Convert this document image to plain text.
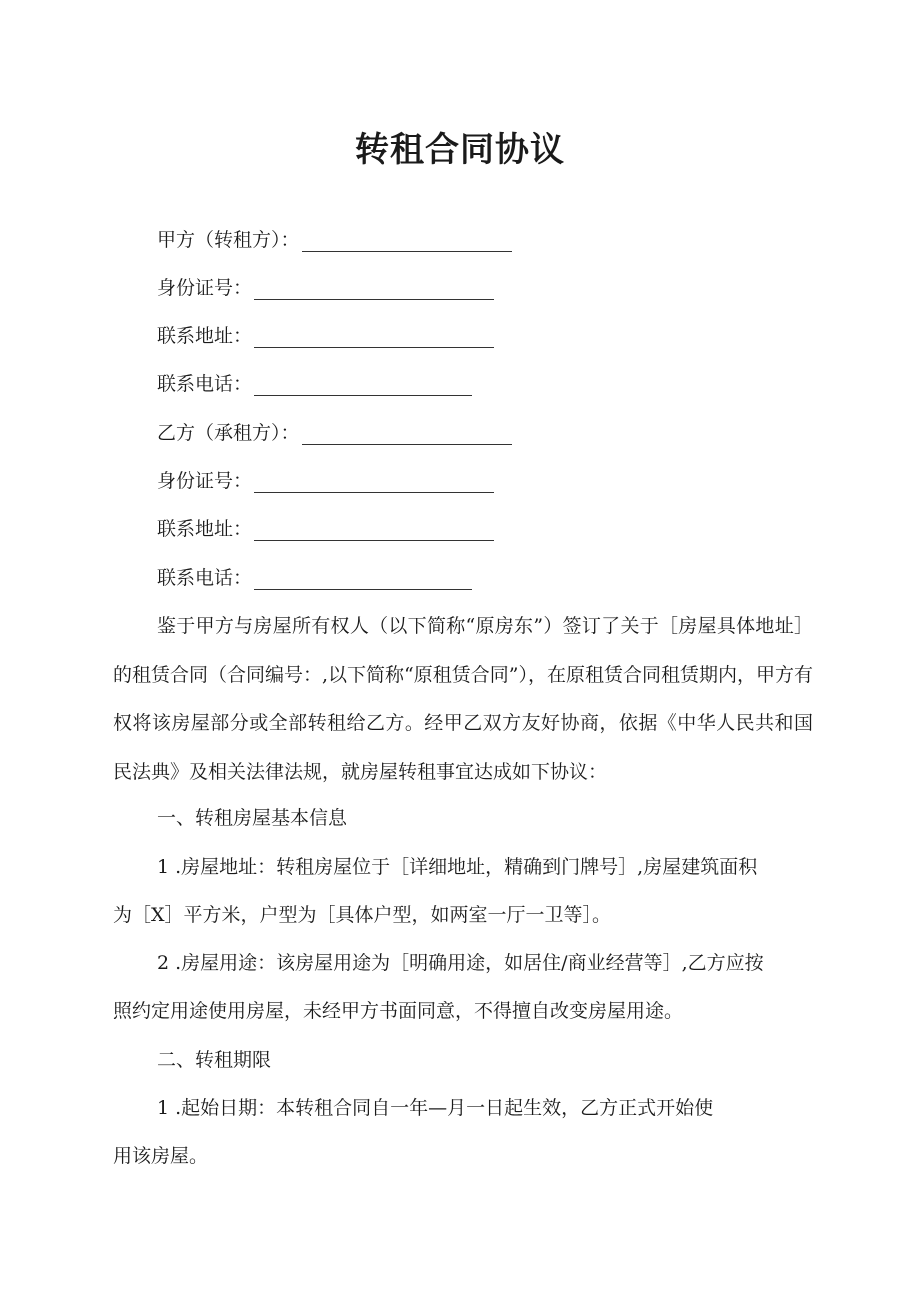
转租合同协议
甲方（转租方）：
身份证号：
联系地址：
联系电话：
乙方（承租方）：
身份证号：
联系地址：
联系电话：
鉴于甲方与房屋所有权人（以下简称“原房东”）签订了关于［房屋具体地址］的租赁合同（合同编号：,以下简称“原租赁合同”），在原租赁合同租赁期内，甲方有权将该房屋部分或全部转租给乙方。经甲乙双方友好协商，依据《中华人民共和国民法典》及相关法律法规，就房屋转租事宜达成如下协议：
一、转租房屋基本信息
1 .房屋地址：转租房屋位于［详细地址，精确到门牌号］,房屋建筑面积
为［X］平方米，户型为［具体户型，如两室一厅一卫等］。
2 .房屋用途：该房屋用途为［明确用途，如居住/商业经营等］,乙方应按
照约定用途使用房屋，未经甲方书面同意，不得擅自改变房屋用途。
二、转租期限
1 .起始日期：本转租合同自一年—月一日起生效，乙方正式开始使
用该房屋。
